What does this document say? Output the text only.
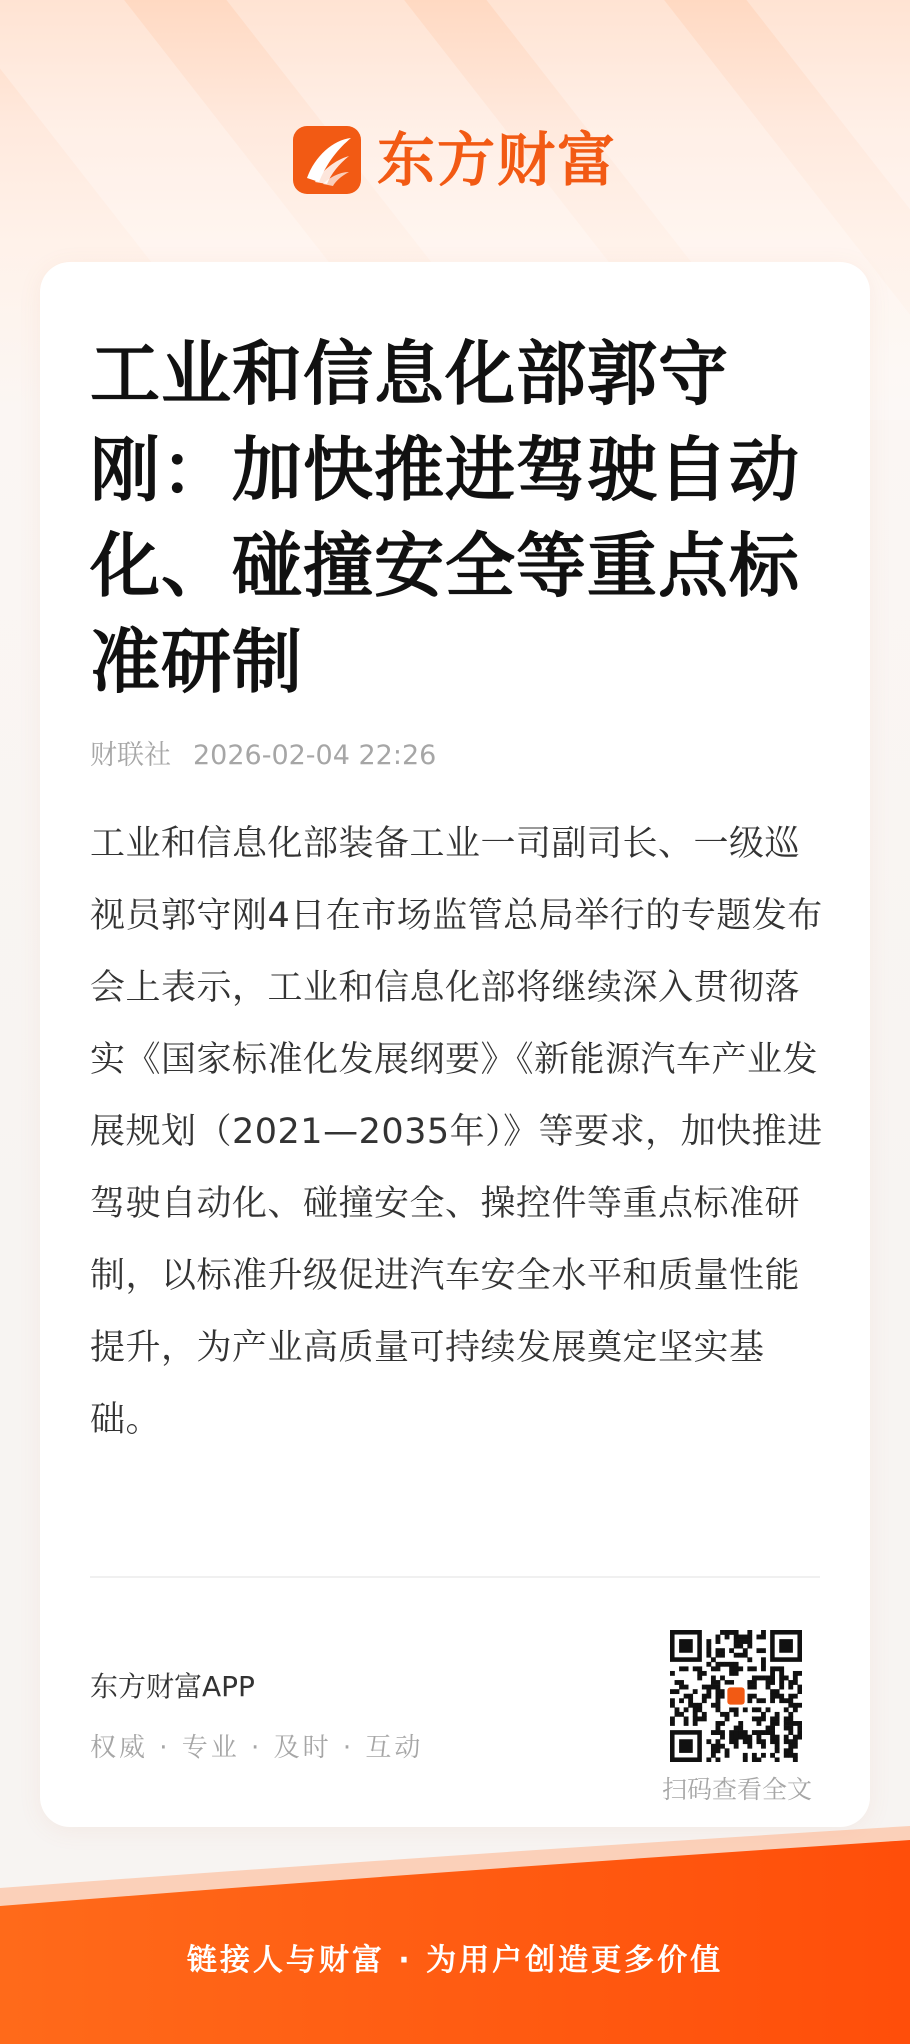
东方财富
工业和信息化部郭守刚：加快推进驾驶自动化、碰撞安全等重点标准研制
财联社 2026-02-04 22:26

工业和信息化部装备工业一司副司长、一级巡视员郭守刚4日在市场监管总局举行的专题发布会上表示，工业和信息化部将继续深入贯彻落实《国家标准化发展纲要》《新能源汽车产业发展规划（2021—2035年）》等要求，加快推进驾驶自动化、碰撞安全、操控件等重点标准研制，以标准升级促进汽车安全水平和质量性能提升，为产业高质量可持续发展奠定坚实基础。

东方财富APP
权威 · 专业 · 及时 · 互动
扫码查看全文
链接人与财富 · 为用户创造更多价值
